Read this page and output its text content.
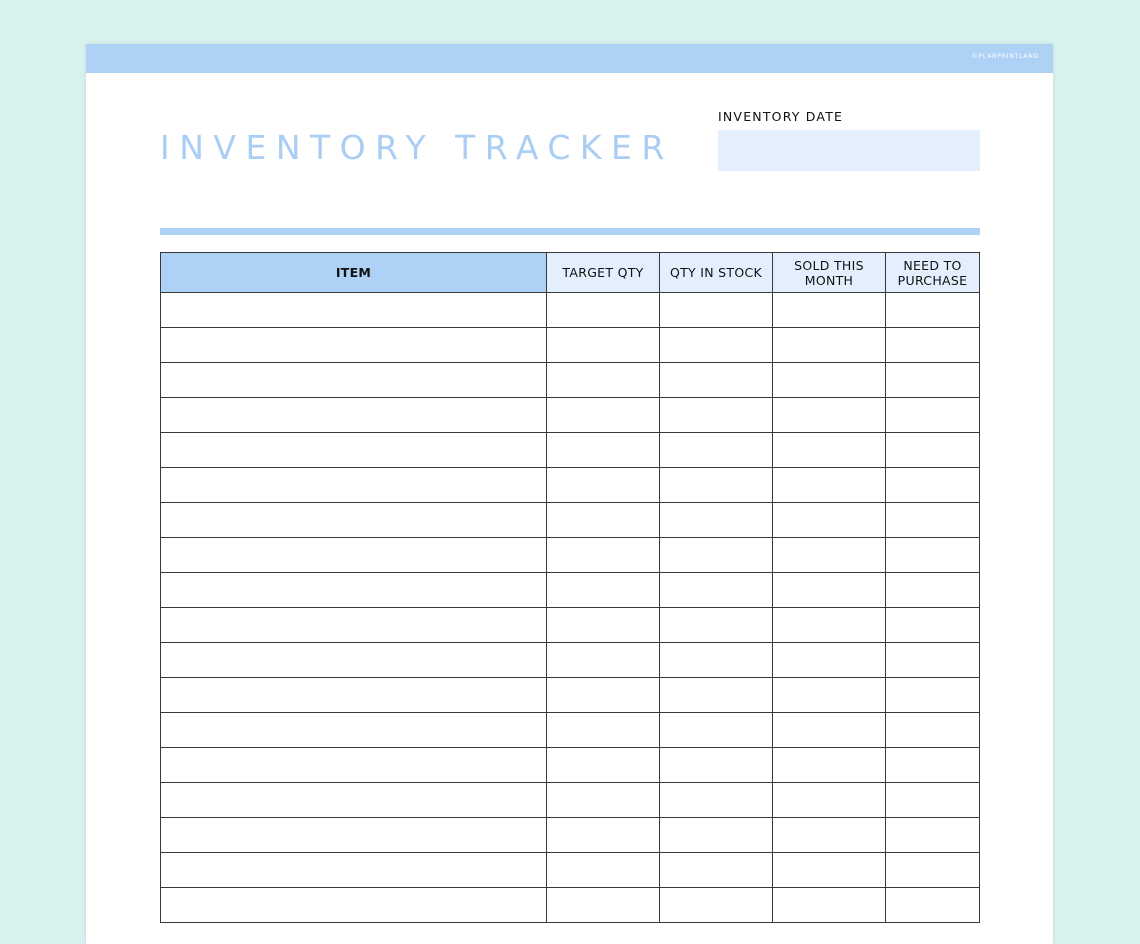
©PLANPRINTLAND
INVENTORY TRACKER
INVENTORY DATE
ITEM	TARGET QTY	QTY IN STOCK	SOLD THIS MONTH	NEED TO PURCHASE
